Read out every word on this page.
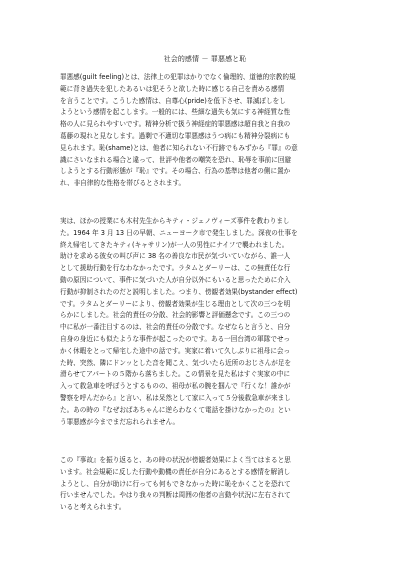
社会的感情 － 罪悪感と恥
罪悪感(guilt feeling)とは、法律上の犯罪はかりでなく倫理的、道徳的宗教的規
範に背き過失を犯したあるいは犯そうと欲した時に感じる自己を責める感情
を言うことです。こうした感情は、自尊心(pride)を低下させ、罪滅ぼしをし
ようという感情を起こします。一般的には、些細な過失も気にする神経質な性
格の人に見られやすいです。精神分析で扱う神経症的罪悪感は超自我と自我の
葛藤の現れと見なします。過剰で不適切な罪悪感はうつ病にも精神分裂病にも
見られます。恥(shame)とは、他者に知られない不行跡でもみずから『罪』の意
識にさいなまれる場合と違って、世評や他者の嘲笑を恐れ、恥辱を事前に回避
しようとする行動形態が『恥』です。その場合、行為の基準は他者の側に置か
れ、非自律的な性格を帯びるとされます。
実は、ほかの授業にも木村先生からキティ・ジェノヴィーズ事件を教わりまし
た。1964 年 3 月 13 日の早朝、ニューヨーク市で発生しました。深夜の仕事を
終え帰宅してきたキティ(キャサリン)が一人の男性にナイフで襲われました。
助けを求める彼女の叫び声に 38 名の善良な市民が気づいていながら、誰一人
として援助行動を行なわなかったです。ラタムとダーリーは、この無責任な行
動の原因について、事件に気づいた人が自分以外にもいると思ったために介入
行動が抑制されたのだと説明しました。つまり、傍観者効果(bystander effect)
です。ラタムとダーリーにより、傍観者効果が生じる理由として次の三つを明
らかにしました。社会的責任の分散、社会的影響と評価懸念です。この三つの
中に私が一番注目するのは、社会的責任の分散です。なぜならと言うと、自分
自身の身近にも似たような事件が起こったのです。ある一回台湾の軍隊でせっ
かく休暇をとって帰宅した途中の話です。実家に着いて久しぶりに祖母に会っ
た時、突然、隣にドンッとした音を聞こえ、気づいたら近所のおじさんが足を
滑らせてアパートの５階から落ちました。この情景を見た私はすぐ実家の中に
入って救急車を呼ぼうとするものの、祖母が私の腕を掴んで『行くな！誰かが
警察を呼んだから』と言い、私は呆然として家に入って５分後救急車が来まし
た。あの時の『なぜおばあちゃんに逆らわなくて電話を掛けなかったの』とい
う罪悪感が今までまだ忘れられません。
この『事故』を振り返ると、あの時の状況が傍観者効果によく当てはまると思
います。社会規範に反した行動や動機の責任が自分にあるとする感情を解消し
ようとし、自分が助けに行っても何もできなかった時に恥をかくことを恐れて
行いませんでした。やはり我々の判断は周囲の他者の言動や状況に左右されて
いると考えられます。
